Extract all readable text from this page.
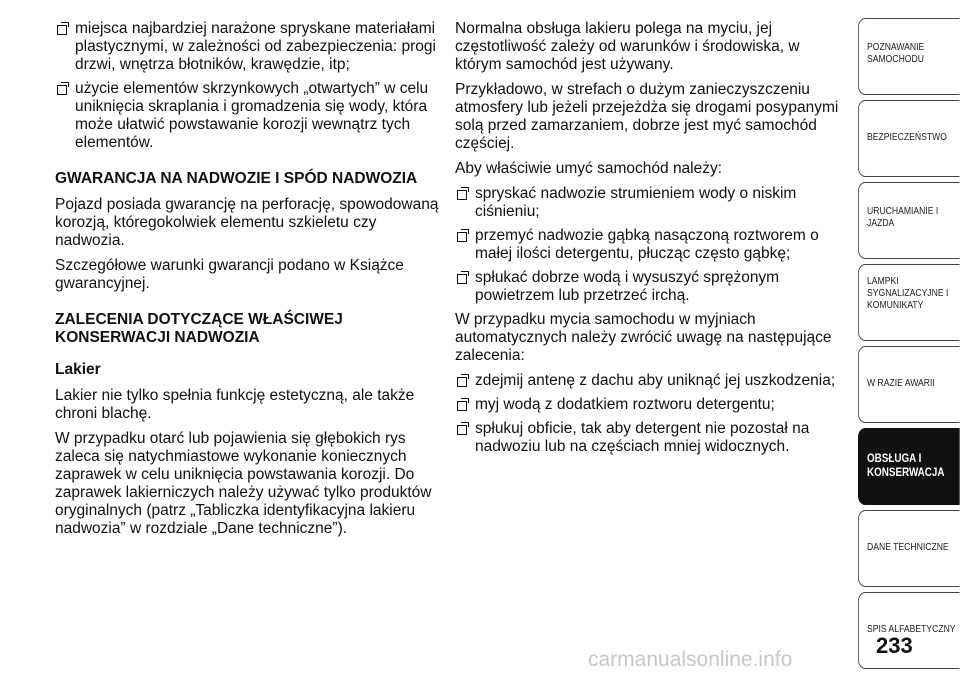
miejsca najbardziej narażone spryskane materiałami plastycznymi, w zależności od zabezpieczenia: progi drzwi, wnętrza błotników, krawędzie, itp;
użycie elementów skrzynkowych „otwartych” w celu uniknięcia skraplania i gromadzenia się wody, która może ułatwić powstawanie korozji wewnątrz tych elementów.
GWARANCJA NA NADWOZIE I SPÓD NADWOZIA

Pojazd posiada gwarancję na perforację, spowodowaną korozją, któregokolwiek elementu szkieletu czy nadwozia.

Szczegółowe warunki gwarancji podano w Książce gwarancyjnej.

ZALECENIA DOTYCZĄCE WŁAŚCIWEJ KONSERWACJI NADWOZIA
Lakier

Lakier nie tylko spełnia funkcję estetyczną, ale także chroni blachę.

W przypadku otarć lub pojawienia się głębokich rys zaleca się natychmiastowe wykonanie koniecznych zaprawek w celu uniknięcia powstawania korozji. Do zaprawek lakierniczych należy używać tylko produktów oryginalnych (patrz „Tabliczka identyfikacyjna lakieru nadwozia” w rozdziale „Dane techniczne”).

Normalna obsługa lakieru polega na myciu, jej częstotliwość zależy od warunków i środowiska, w którym samochód jest używany.

Przykładowo, w strefach o dużym zanieczyszczeniu atmosfery lub jeżeli przejeżdża się drogami posypanymi solą przed zamarzaniem, dobrze jest myć samochód częściej.

Aby właściwie umyć samochód należy:

spryskać nadwozie strumieniem wody o niskim ciśnieniu;
przemyć nadwozie gąbką nasączoną roztworem o małej ilości detergentu, płucząc często gąbkę;
spłukać dobrze wodą i wysuszyć sprężonym powietrzem lub przetrzeć irchą.

W przypadku mycia samochodu w myjniach automatycznych należy zwrócić uwagę na następujące zalecenia:

zdejmij antenę z dachu aby uniknąć jej uszkodzenia;
myj wodą z dodatkiem roztworu detergentu;
spłukuj obficie, tak aby detergent nie pozostał na nadwoziu lub na częściach mniej widocznych.
POZNAWANIE SAMOCHODU
BEZPIECZEŃSTWO
URUCHAMIANIE I JAZDA
LAMPKI SYGNALIZACYJNE I KOMUNIKATY
W RAZIE AWARII
OBSŁUGA I KONSERWACJA
DANE TECHNICZNE
SPIS ALFABETYCZNY
233
carmanualsonline.info
